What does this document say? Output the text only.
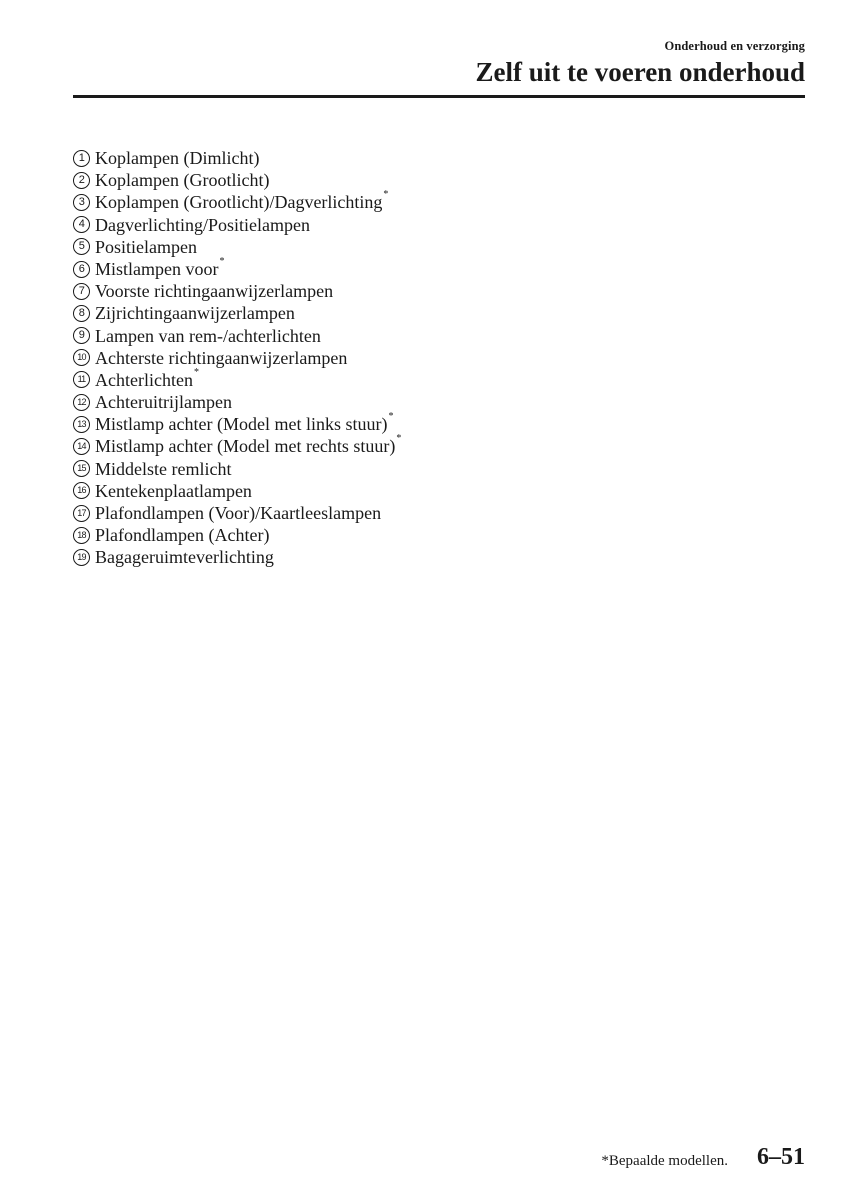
Onderhoud en verzorging
Zelf uit te voeren onderhoud
1 Koplampen (Dimlicht)
2 Koplampen (Grootlicht)
3 Koplampen (Grootlicht)/Dagverlichting*
4 Dagverlichting/Positielampen
5 Positielampen
6 Mistlampen voor*
7 Voorste richtingaanwijzerlampen
8 Zijrichtingaanwijzerlampen
9 Lampen van rem-/achterlichten
10 Achterste richtingaanwijzerlampen
11 Achterlichten*
12 Achteruitrijlampen
13 Mistlamp achter (Model met links stuur)*
14 Mistlamp achter (Model met rechts stuur)*
15 Middelste remlicht
16 Kentekenplaatlampen
17 Plafondlampen (Voor)/Kaartleeslampen
18 Plafondlampen (Achter)
19 Bagageruimteverlichting
*Bepaalde modellen. 6–51
